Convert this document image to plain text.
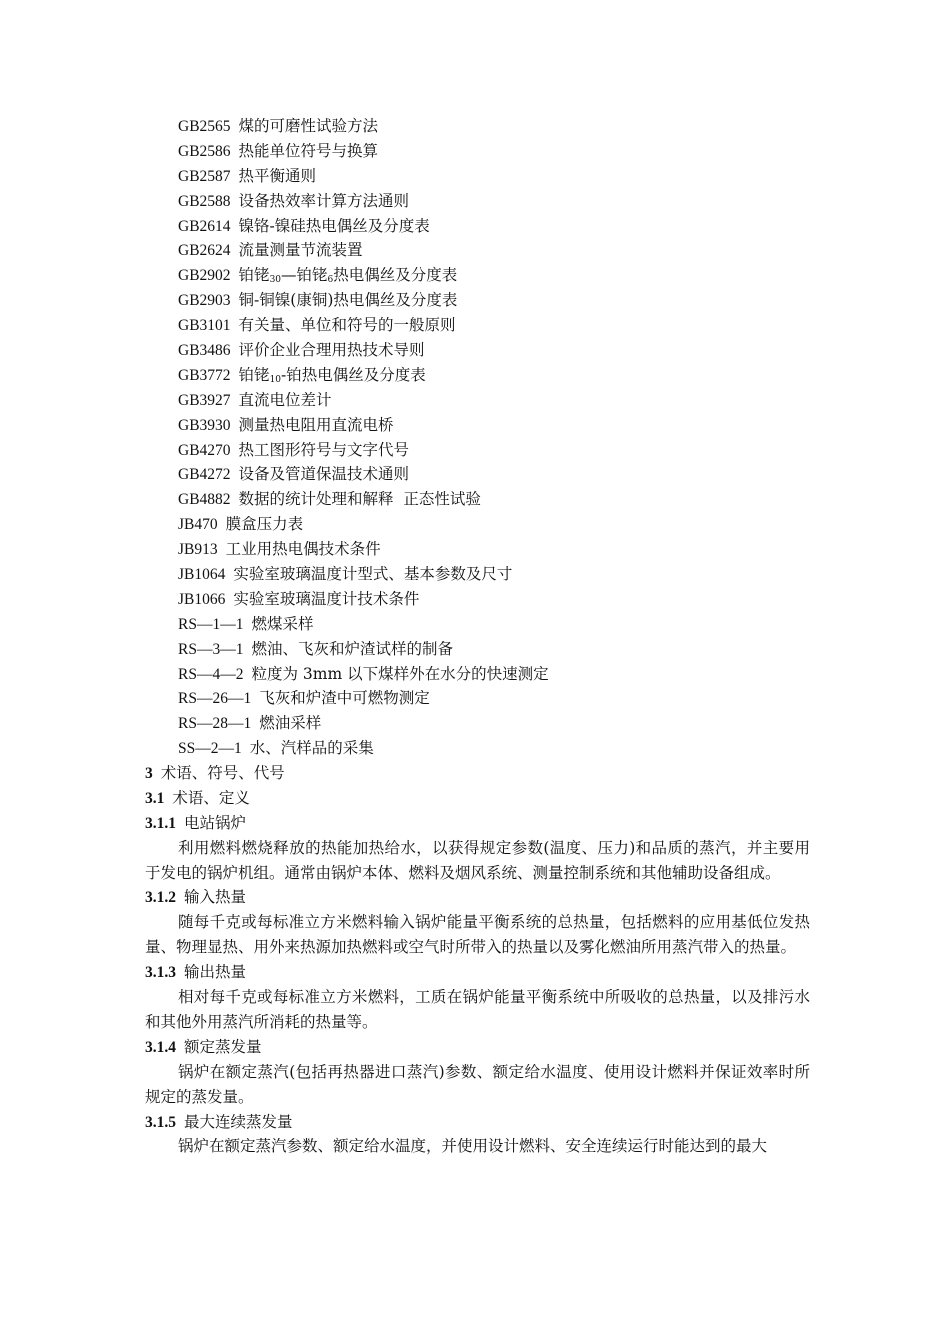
GB2565 煤的可磨性试验方法
GB2586 热能单位符号与换算
GB2587 热平衡通则
GB2588 设备热效率计算方法通则
GB2614 镍铬-镍硅热电偶丝及分度表
GB2624 流量测量节流装置
GB2902 铂铑$_{30}$—铂铑$_6$热电偶丝及分度表
GB2903 铜-铜镍(康铜)热电偶丝及分度表
GB3101 有关量、单位和符号的一般原则
GB3486 评价企业合理用热技术导则
GB3772 铂铑$_{10}$-铂热电偶丝及分度表
GB3927 直流电位差计
GB3930 测量热电阻用直流电桥
GB4270 热工图形符号与文字代号
GB4272 设备及管道保温技术通则
GB4882 数据的统计处理和解释  正态性试验
JB470 膜盒压力表
JB913 工业用热电偶技术条件
JB1064 实验室玻璃温度计型式、基本参数及尺寸
JB1066 实验室玻璃温度计技术条件
RS—1—1 燃煤采样
RS—3—1 燃油、飞灰和炉渣试样的制备
RS—4—2 粒度为 3mm 以下煤样外在水分的快速测定
RS—26—1 飞灰和炉渣中可燃物测定
RS—28—1 燃油采样
SS—2—1 水、汽样品的采集
3 术语、符号、代号
3.1 术语、定义
3.1.1 电站锅炉

利用燃料燃烧释放的热能加热给水，以获得规定参数(温度、压力)和品质的蒸汽，并主要用于发电的锅炉机组。通常由锅炉本体、燃料及烟风系统、测量控制系统和其他辅助设备组成。

3.1.2 输入热量

随每千克或每标准立方米燃料输入锅炉能量平衡系统的总热量，包括燃料的应用基低位发热量、物理显热、用外来热源加热燃料或空气时所带入的热量以及雾化燃油所用蒸汽带入的热量。

3.1.3 输出热量

相对每千克或每标准立方米燃料，工质在锅炉能量平衡系统中所吸收的总热量，以及排污水和其他外用蒸汽所消耗的热量等。

3.1.4 额定蒸发量

锅炉在额定蒸汽(包括再热器进口蒸汽)参数、额定给水温度、使用设计燃料并保证效率时所规定的蒸发量。

3.1.5 最大连续蒸发量

锅炉在额定蒸汽参数、额定给水温度，并使用设计燃料、安全连续运行时能达到的最大
